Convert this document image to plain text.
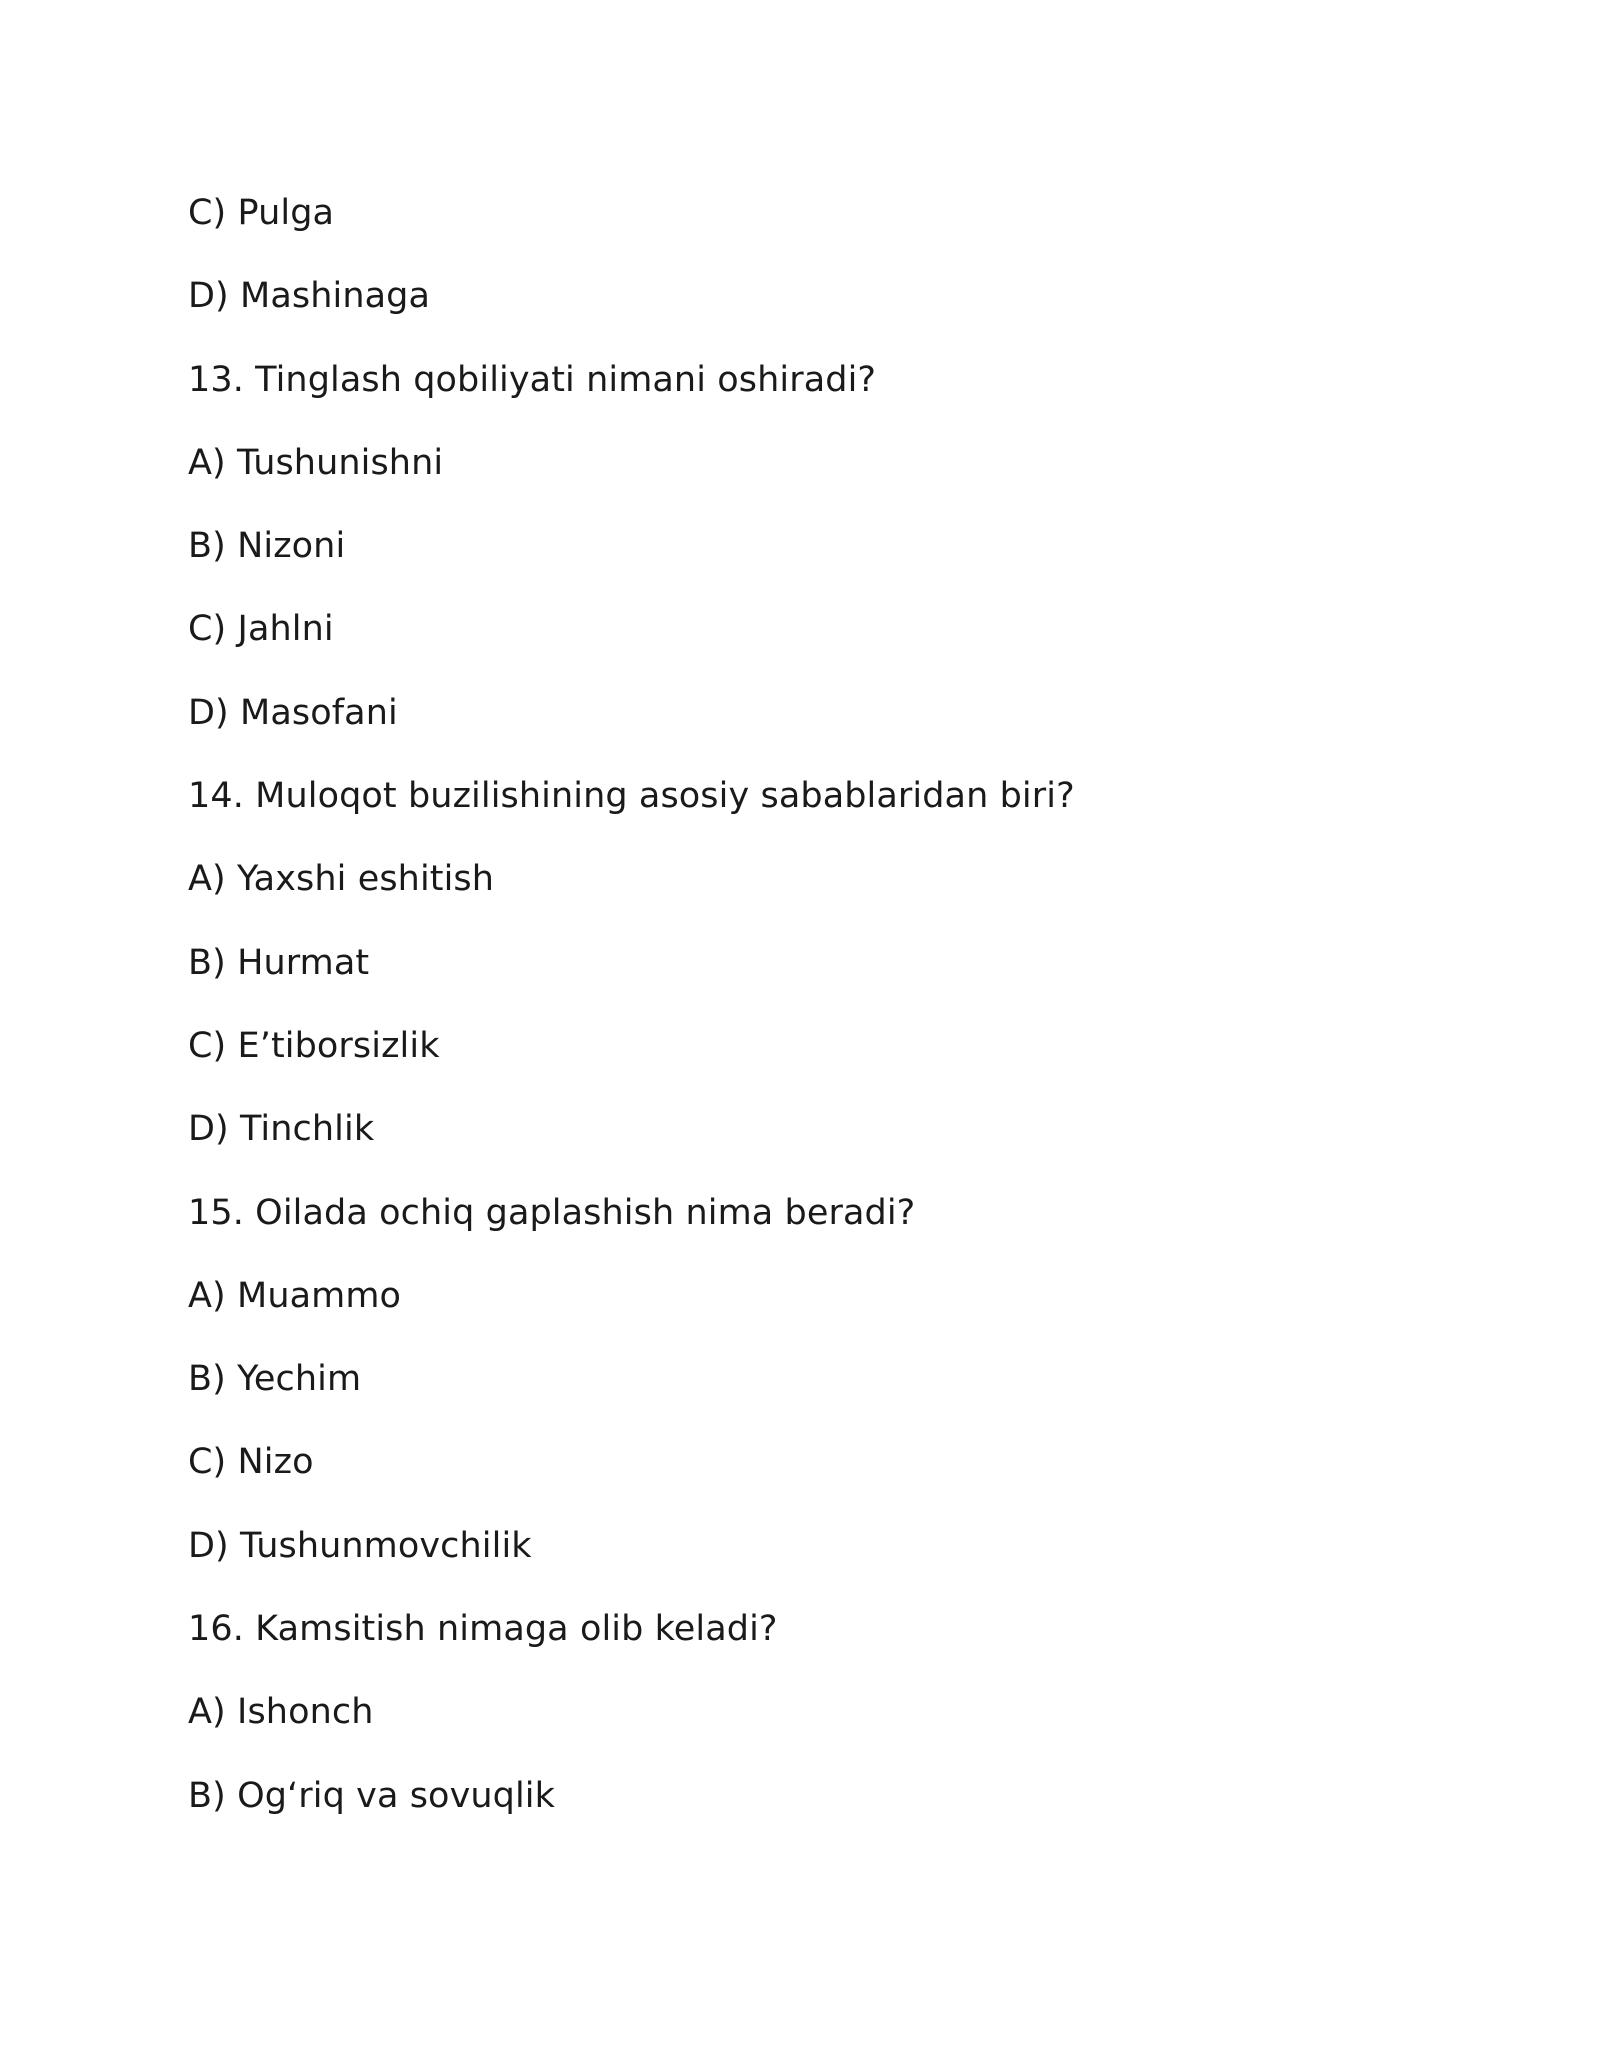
C) Pulga
D) Mashinaga
13. Tinglash qobiliyati nimani oshiradi?
A) Tushunishni
B) Nizoni
C) Jahlni
D) Masofani
14. Muloqot buzilishining asosiy sabablaridan biri?
A) Yaxshi eshitish
B) Hurmat
C) E’tiborsizlik
D) Tinchlik
15. Oilada ochiq gaplashish nima beradi?
A) Muammo
B) Yechim
C) Nizo
D) Tushunmovchilik
16. Kamsitish nimaga olib keladi?
A) Ishonch
B) Og‘riq va sovuqlik
